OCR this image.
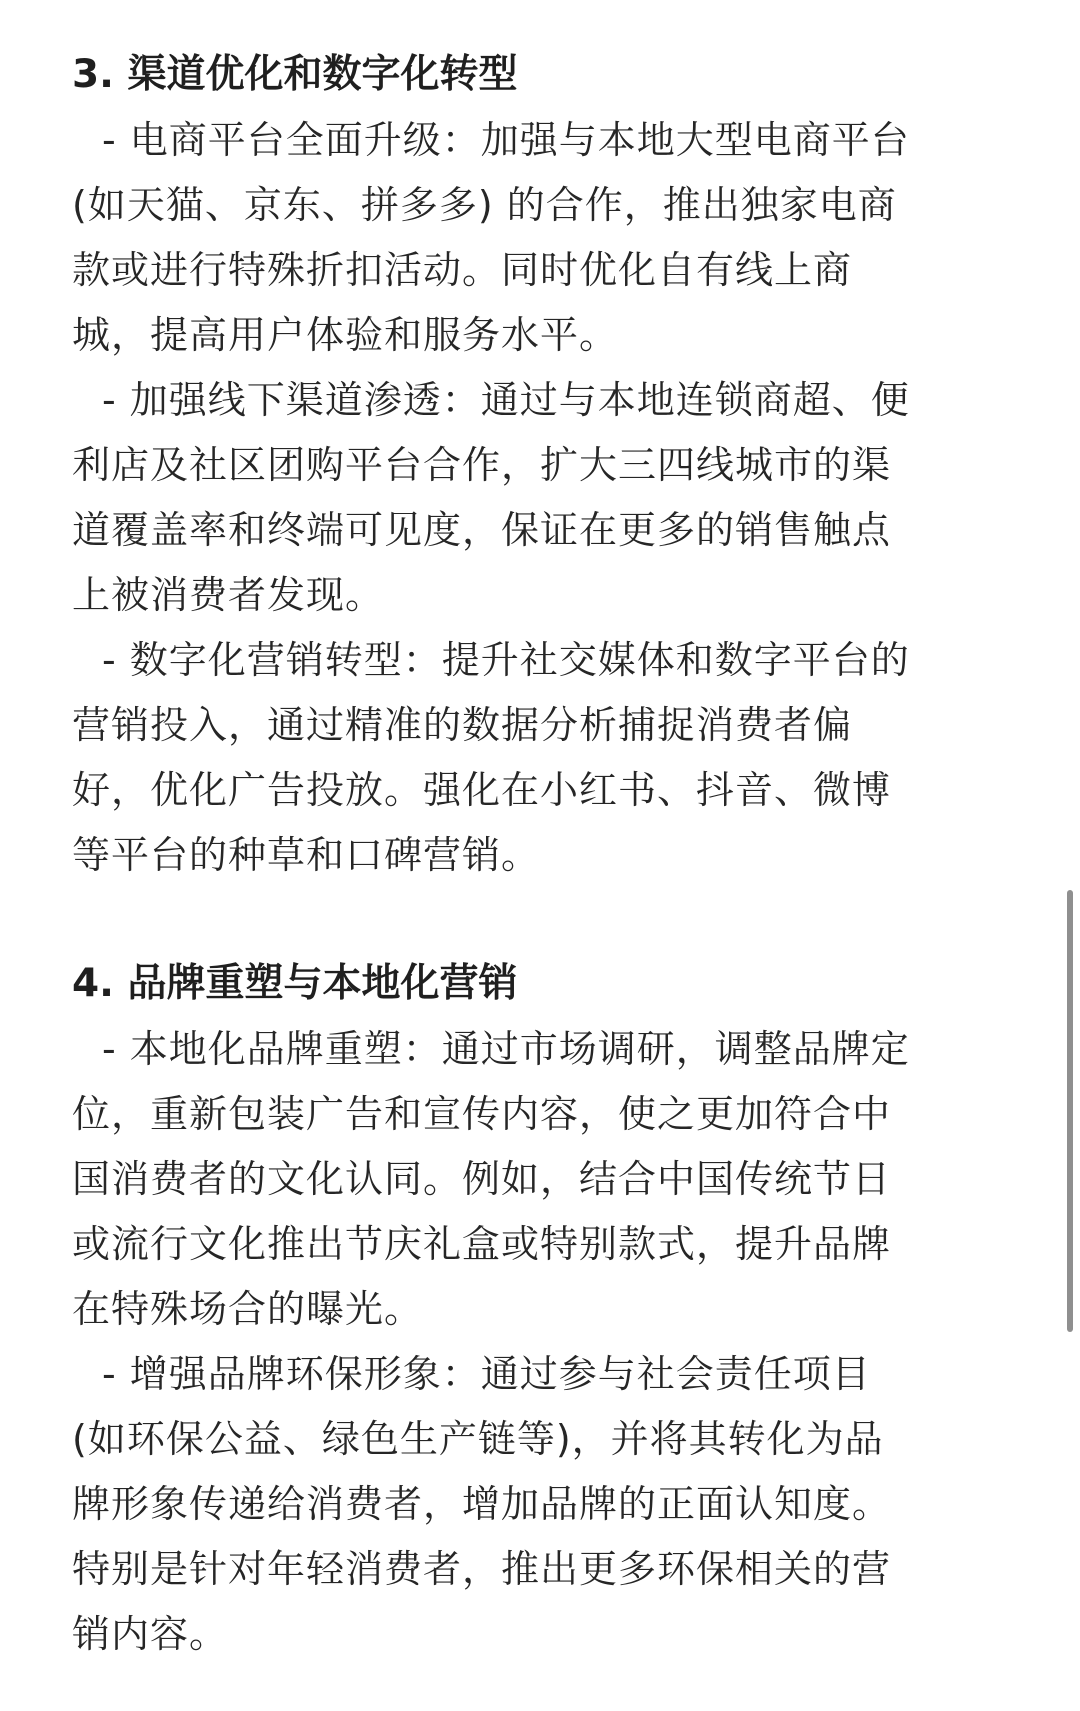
3. 渠道优化和数字化转型
- 电商平台全面升级：加强与本地大型电商平台
(如天猫、京东、拼多多) 的合作，推出独家电商
款或进行特殊折扣活动。同时优化自有线上商
城，提高用户体验和服务水平。
- 加强线下渠道渗透：通过与本地连锁商超、便
利店及社区团购平台合作，扩大三四线城市的渠
道覆盖率和终端可见度，保证在更多的销售触点
上被消费者发现。
- 数字化营销转型：提升社交媒体和数字平台的
营销投入，通过精准的数据分析捕捉消费者偏
好，优化广告投放。强化在小红书、抖音、微博
等平台的种草和口碑营销。
4. 品牌重塑与本地化营销
- 本地化品牌重塑：通过市场调研，调整品牌定
位，重新包装广告和宣传内容，使之更加符合中
国消费者的文化认同。例如，结合中国传统节日
或流行文化推出节庆礼盒或特别款式，提升品牌
在特殊场合的曝光。
- 增强品牌环保形象：通过参与社会责任项目
(如环保公益、绿色生产链等)，并将其转化为品
牌形象传递给消费者，增加品牌的正面认知度。
特别是针对年轻消费者，推出更多环保相关的营
销内容。
